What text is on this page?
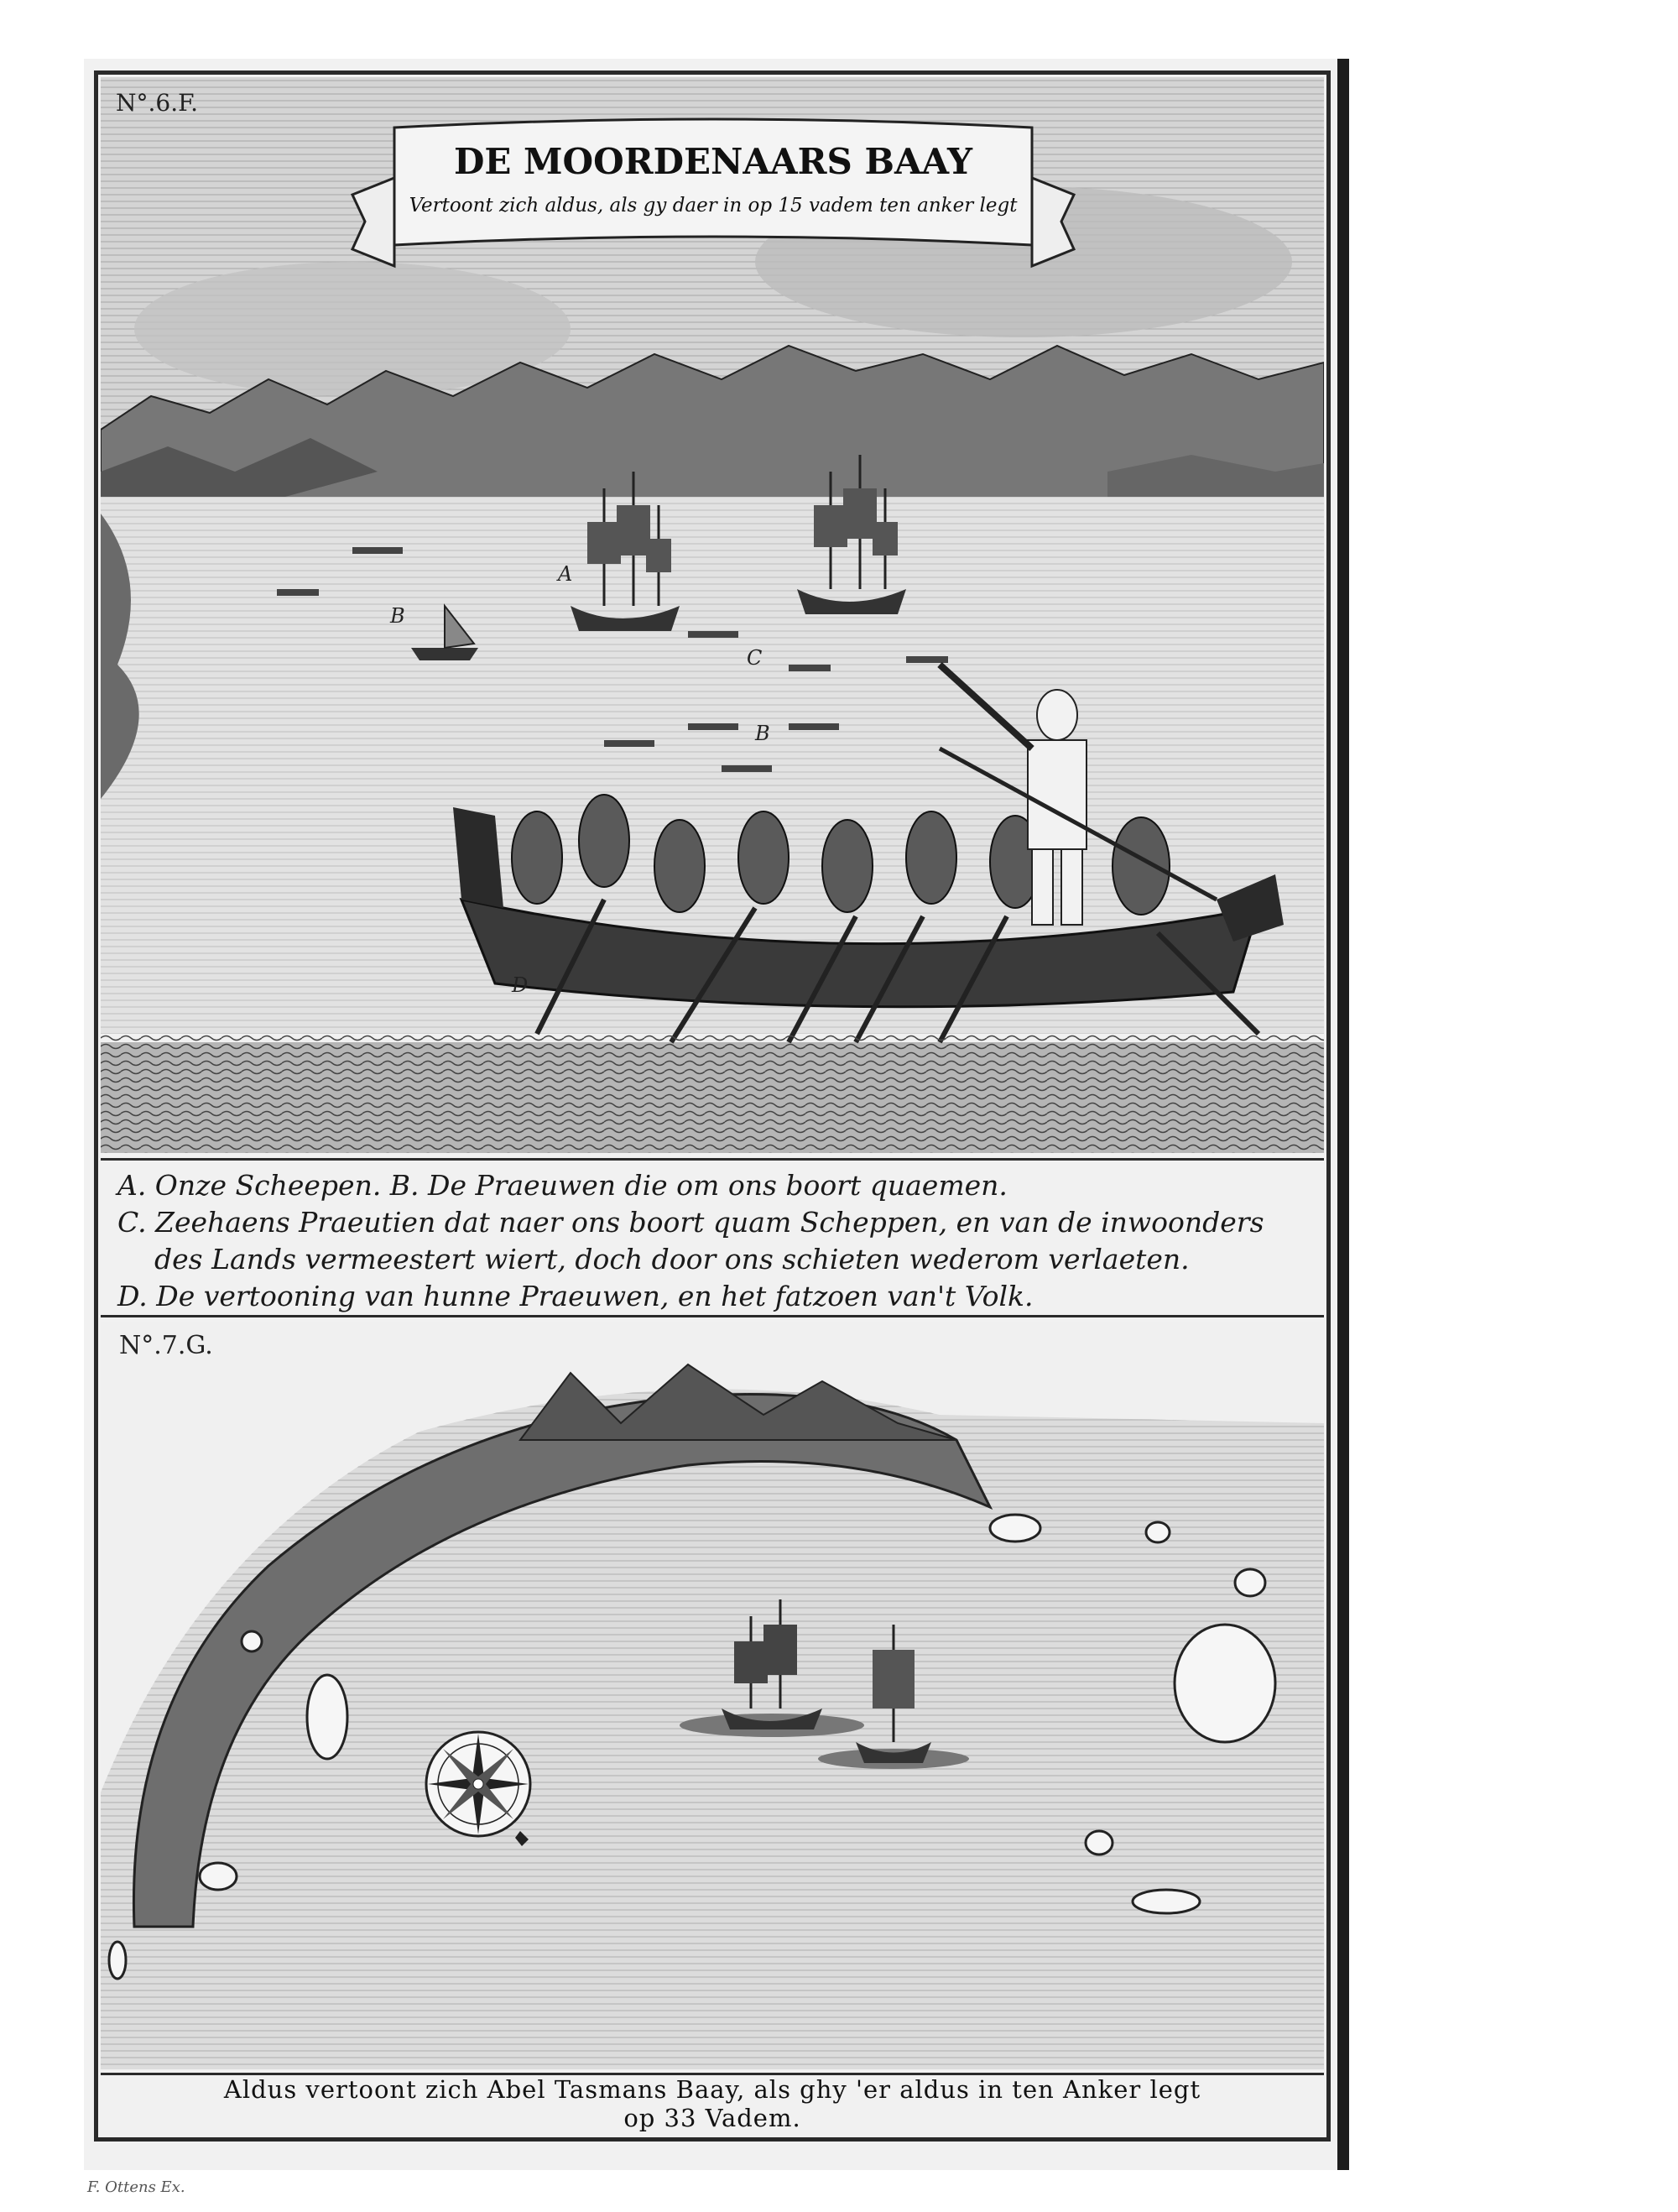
DE MOORDENAARS BAAY
Vertoont zich aldus, als gy daer in op 15 vadem ten anker legt
N°.6.F.
A
B
C
B
D
A. Onze Scheepen. B. De Praeuwen die om ons boort quaemen.
C. Zeehaens Praeutien dat naer ons boort quam Scheppen, en van de inwoonders
des Lands vermeestert wiert, doch door ons schieten wederom verlaeten.
D. De vertooning van hunne Praeuwen, en het fatzoen van't Volk.
N°.7.G.
Aldus vertoont zich Abel Tasmans Baay, als ghy 'er aldus in ten Anker legt
op 33 Vadem.
F. Ottens Ex.
